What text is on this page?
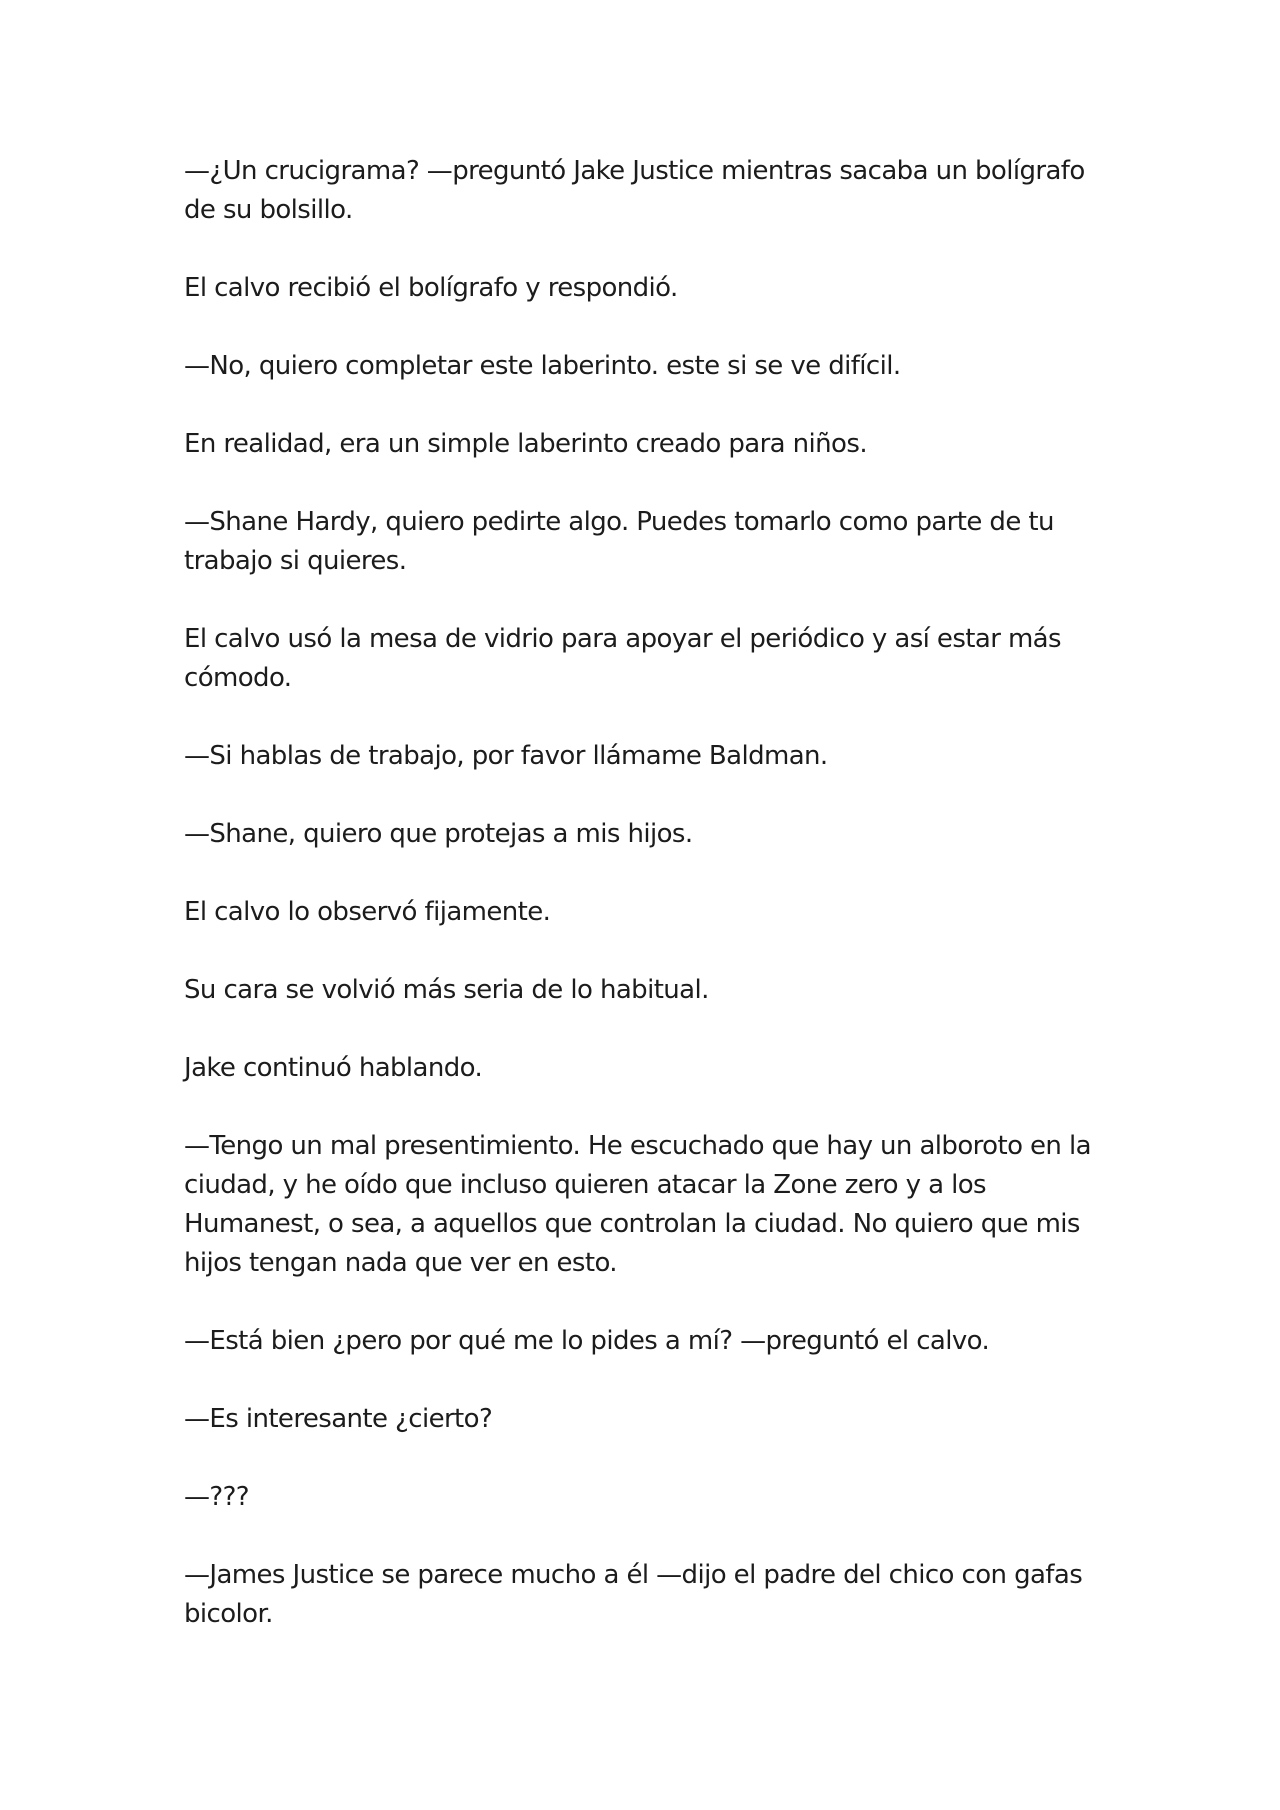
—¿Un crucigrama? —preguntó Jake Justice mientras sacaba un bolígrafo de su bolsillo.

El calvo recibió el bolígrafo y respondió.

—No, quiero completar este laberinto. este si se ve difícil.

En realidad, era un simple laberinto creado para niños.

—Shane Hardy, quiero pedirte algo. Puedes tomarlo como parte de tu trabajo si quieres.

El calvo usó la mesa de vidrio para apoyar el periódico y así estar más cómodo.

—Si hablas de trabajo, por favor llámame Baldman.

—Shane, quiero que protejas a mis hijos.

El calvo lo observó fijamente.

Su cara se volvió más seria de lo habitual.

Jake continuó hablando.

—Tengo un mal presentimiento. He escuchado que hay un alboroto en la ciudad, y he oído que incluso quieren atacar la Zone zero y a los Humanest, o sea, a aquellos que controlan la ciudad. No quiero que mis hijos tengan nada que ver en esto.

—Está bien ¿pero por qué me lo pides a mí? —preguntó el calvo.

—Es interesante ¿cierto?

—???

—James Justice se parece mucho a él —dijo el padre del chico con gafas bicolor.
